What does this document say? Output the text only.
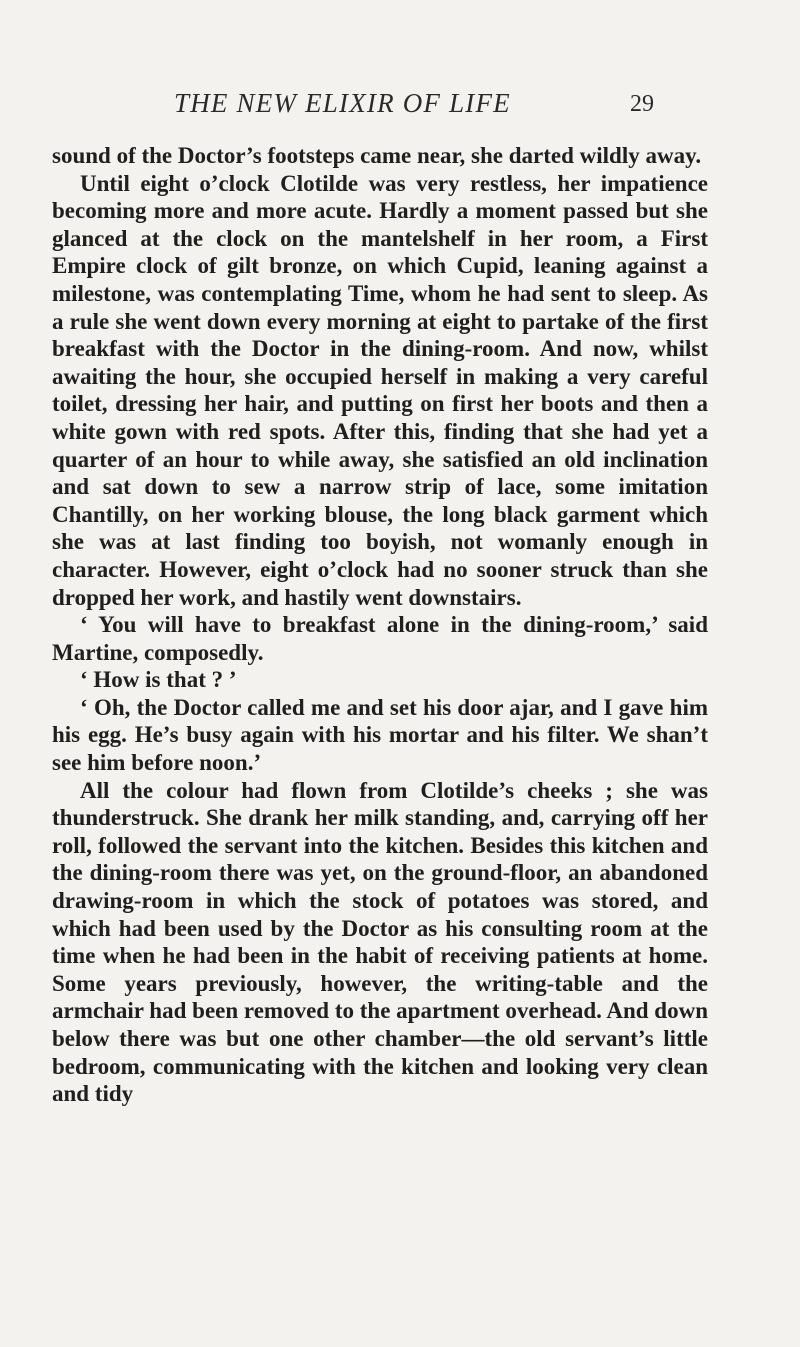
THE NEW ELIXIR OF LIFE	29

sound of the Doctor’s footsteps came near, she darted wildly away.

Until eight o’clock Clotilde was very restless, her impatience becoming more and more acute. Hardly a moment passed but she glanced at the clock on the mantelshelf in her room, a First Empire clock of gilt bronze, on which Cupid, leaning against a milestone, was contemplating Time, whom he had sent to sleep. As a rule she went down every morning at eight to partake of the first breakfast with the Doctor in the dining-room. And now, whilst awaiting the hour, she occupied herself in making a very careful toilet, dressing her hair, and putting on first her boots and then a white gown with red spots. After this, finding that she had yet a quarter of an hour to while away, she satisfied an old inclination and sat down to sew a narrow strip of lace, some imitation Chantilly, on her working blouse, the long black garment which she was at last finding too boyish, not womanly enough in character. However, eight o’clock had no sooner struck than she dropped her work, and hastily went downstairs.

‘ You will have to breakfast alone in the dining-room,’ said Martine, composedly.

‘ How is that ? ’

‘ Oh, the Doctor called me and set his door ajar, and I gave him his egg. He’s busy again with his mortar and his filter. We shan’t see him before noon.’

All the colour had flown from Clotilde’s cheeks ; she was thunderstruck. She drank her milk standing, and, carrying off her roll, followed the servant into the kitchen. Besides this kitchen and the dining-room there was yet, on the ground-floor, an abandoned drawing-room in which the stock of potatoes was stored, and which had been used by the Doctor as his consulting room at the time when he had been in the habit of receiving patients at home. Some years previously, however, the writing-table and the armchair had been removed to the apartment overhead. And down below there was but one other chamber—the old servant’s little bedroom, communicating with the kitchen and looking very clean and tidy
